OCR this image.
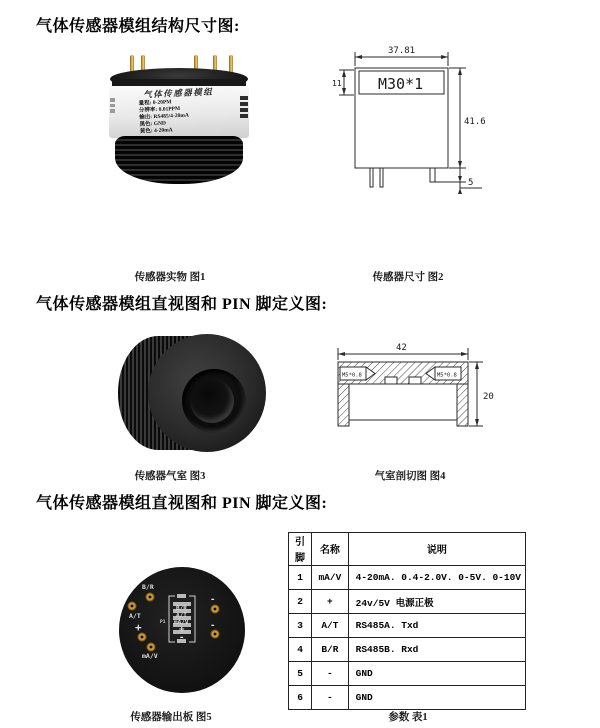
气体传感器模组结构尺寸图:
气体传感器模组
量程: 0-20PM
分辨率: 0.01PPM
输出: RS485/4-20mA
黑色: GND
黄色: 4-20mA
37.81
11 M30*1
41.6
5
传感器实物 图1	传感器尺寸 图2
气体传感器模组直视图和 PIN 脚定义图:
42
20
M5*0.8	M5*0.8
传感器气室 图3	气室剖切图 图4
气体传感器模组直视图和 PIN 脚定义图:
B/R
A/T
+
mA/V
P1
B/R
A/T
mA/V
+
-
-
-
引脚	名称	说明
1	mA/V	4-20mA. 0.4-2.0V. 0-5V. 0-10V
2	+	24v/5V 电源正极
3	A/T	RS485A. Txd
4	B/R	RS485B. Rxd
5	-	GND
6	-	GND
传感器输出板 图5	参数 表1
